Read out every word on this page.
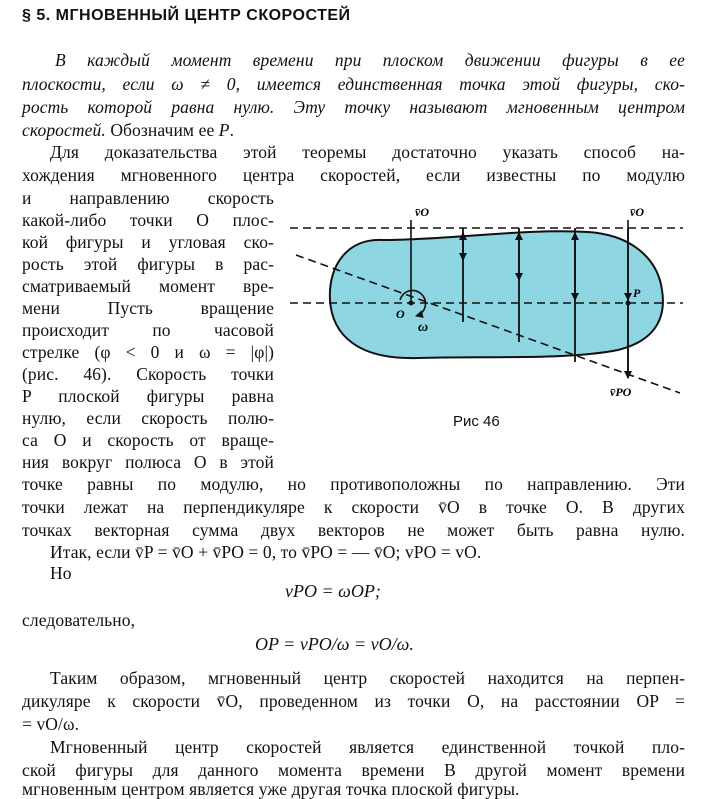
§ 5. МГНОВЕННЫЙ ЦЕНТР СКОРОСТЕЙ
В каждый момент времени при плоском движении фигуры в ее
плоскости, если ω ≠ 0, имеется единственная точка этой фигуры, ско-
рость которой равна нулю. Эту точку называют мгновенным центром
скоростей. Обозначим ее P.
Для доказательства этой теоремы достаточно указать способ на-
хождения мгновенного центра скоростей, если известны по модулю
и направлению скорость
какой-либо точки O плос-
кой фигуры и угловая ско-
рость этой фигуры в рас-
сматриваемый момент вре-
мени Пусть вращение
происходит по часовой
стрелке (φ < 0 и ω = |φ|)
(рис. 46). Скорость точки
P плоской фигуры равна
нулю, если скорость полю-
са O и скорость от враще-
ния вокруг полюса O в этой
точке равны по модулю, но противоположны по направлению. Эти
точки лежат на перпендикуляре к скорости v̄O в точке O. В других
точках векторная сумма двух векторов не может быть равна нулю.
Итак, если v̄P = v̄O + v̄PO = 0, то v̄PO = — v̄O; vPO = vO.
Но
vPO = ωOP;
следовательно,
OP = vPO/ω = vO/ω.
Таким образом, мгновенный центр скоростей находится на перпен-
дикуляре к скорости v̄O, проведенном из точки O, на расстоянии OP =
= vO/ω.
Мгновенный центр скоростей является единственной точкой пло-
ской фигуры для данного момента времени В другой момент времени
мгновенным центром является уже другая точка плоской фигуры.
v̄O	v̄O
v̄PO
O
P
ω
Рис 46
